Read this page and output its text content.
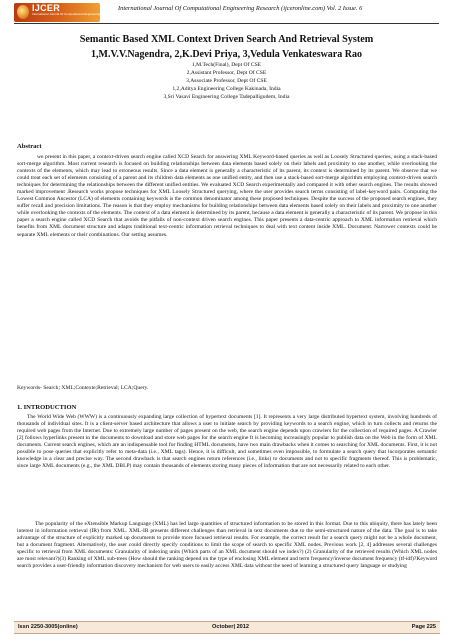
IJCER
International Journal Of Computational Engineering Research
International Journal Of Computational Engineering Research (ijceronline.com) Vol. 2 Issue. 6
Semantic Based XML Context Driven Search And Retrieval System
1,M.V.V.Nagendra, 2,K.Devi Priya, 3,Vedula Venkateswara Rao
1,M.Tech(Final), Dept Of CSE
2,Assistant Professor, Dept Of CSE
3,Associate Professor, Dept Of CSE
1,2,Aditya Engineering College Kakinada, India
3,Sri Vasavi Engineering College Tadepalligudem, India
Abstract

we present in this paper, a context-driven search engine called XCD Search for answering XML Keyword-based queries as well as Loosely Structured queries, using a stack-based sort-merge algorithm. Most current research is focused on building relationships between data elements based solely on their labels and proximity to one another, while overlooking the contexts of the elements, which may lead to erroneous results. Since a data element is generally a characteristic of its parent, its context is determined by its parent. We observe that we could treat each set of elements consisting of a parent and its children data elements as one unified entity, and then use a stack-based sort-merge algorithm employing context-driven search techniques for determining the relationships between the different unified entities. We evaluated XCD Search experimentally and compared it with other search engines. The results showed marked improvement .Research works propose techniques for XML Loosely Structured querying, where the user provides search terms consisting of label-keyword pairs. Computing the Lowest Common Ancestor (LCA) of elements containing keywords is the common denominator among these proposed techniques. Despite the success of the proposed search engines, they suffer recall and precision limitations. The reason is that they employ mechanisms for building relationships between data elements based solely on their labels and proximity to one another while overlooking the contexts of the elements. The context of a data element is determined by its parent, because a data element is generally a characteristic of its parent. We propose in this paper a search engine called XCD Search that avoids the pitfalls of non-context driven search engines. This paper presents a data-centric approach to XML information retrieval which benefits from XML document structure and adapts traditional text-centric information retrieval techniques to deal with text content inside XML. Document. Narrower contexts could be separate XML elements or their combinations. Our setting assumes.

Keywords- Search; XML;Contexte;Retrieval; LCA;Query.
1. INTRODUCTION

The World Wide Web (WWW) is a continuously expanding large collection of hypertext documents [1]. It represents a very large distributed hypertext system, involving hundreds of thousands of individual sites. It is a client-server based architecture that allows a user to initiate search by providing keywords to a search engine, which in turn collects and returns the required web pages from the Internet. Due to extremely large number of pages present on the web, the search engine depends upon crawlers for the collection of required pages. A Crawler [2] follows hyperlinks present in the documents to download and store web pages for the search engine It is becoming increasingly popular to publish data on the Web in the form of XML documents. Current search engines, which are an indispensable tool for finding HTML documents, have two main drawbacks when it comes to searching for XML documents. First, it is not possible to pose queries that explicitly refer to meta-data (i.e., XML tags). Hence, it is difficult, and sometimes even impossible, to formulate a search query that incorporates semantic knowledge in a clear and precise way. The second drawback is that search engines return references (i.e., links) to documents and not to specific fragments thereof. This is problematic, since large XML documents (e.g., the XML DBLP) may contain thousands of elements storing many pieces of information that are not necessarily related to each other.

The popularity of the eXtensible Markup Language (XML) has led large quantities of structured information to be stored in this format. Due to this ubiquity, there has lately been interest in information retrieval (IR) from XML. XML-IR presents different challenges than retrieval in text documents due to the semi-structured nature of the data. The goal is to take advantage of the structure of explicitly marked up documents to provide more focused retrieval results. For example, the correct result for a search query might not be a whole document, but a document fragment. Alternatively, the user could directly specify conditions to limit the scope of search to specific XML nodes. Previous work [2, 4] addresses several challenges specific to retrieval from XML documents: Granularity of indexing units (Which parts of an XML document should we index?) (2) Granularity of the retrieved results (Which XML nodes are most relevant?)(3) Ranking of XML sub-trees (How should the ranking depend on the type of enclosing XML element and term frequency/inverse document frequency (tf-idf)?Keyword search provides a user-friendly information discovery mechanism for web users to easily access XML data without the need of learning a structured query language or studying

Issn 2250-3005(online)	October| 2012	Page 225
